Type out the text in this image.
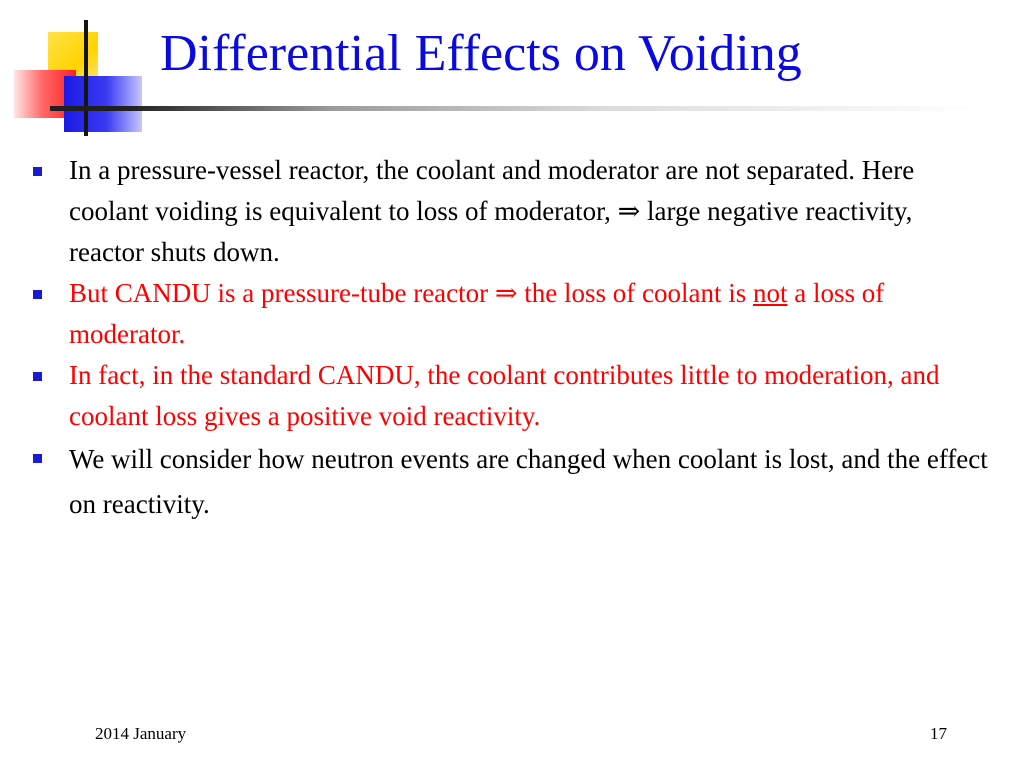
Differential Effects on Voiding
In a pressure-vessel reactor, the coolant and moderator are not separated. Here coolant voiding is equivalent to loss of moderator, ⇒ large negative reactivity, reactor shuts down.
But CANDU is a pressure-tube reactor ⇒ the loss of coolant is not a loss of moderator.
In fact, in the standard CANDU, the coolant contributes little to moderation, and coolant loss gives a positive void reactivity.
We will consider how neutron events are changed when coolant is lost, and the effect on reactivity.
2014 January	17
